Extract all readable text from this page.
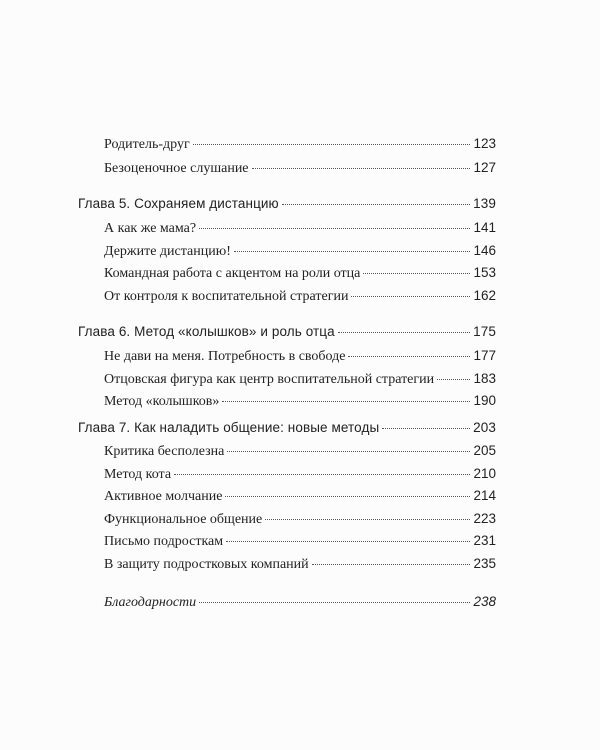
Родитель-друг	123
Безоценочное слушание	127
Глава 5. Сохраняем дистанцию	139
А как же мама?	141
Держите дистанцию!	146
Командная работа с акцентом на роли отца	153
От контроля к воспитательной стратегии	162
Глава 6. Метод «колышков» и роль отца	175
Не дави на меня. Потребность в свободе	177
Отцовская фигура как центр воспитательной стратегии	183
Метод «колышков»	190
Глава 7. Как наладить общение: новые методы	203
Критика бесполезна	205
Метод кота	210
Активное молчание	214
Функциональное общение	223
Письмо подросткам	231
В защиту подростковых компаний	235
Благодарности	238
